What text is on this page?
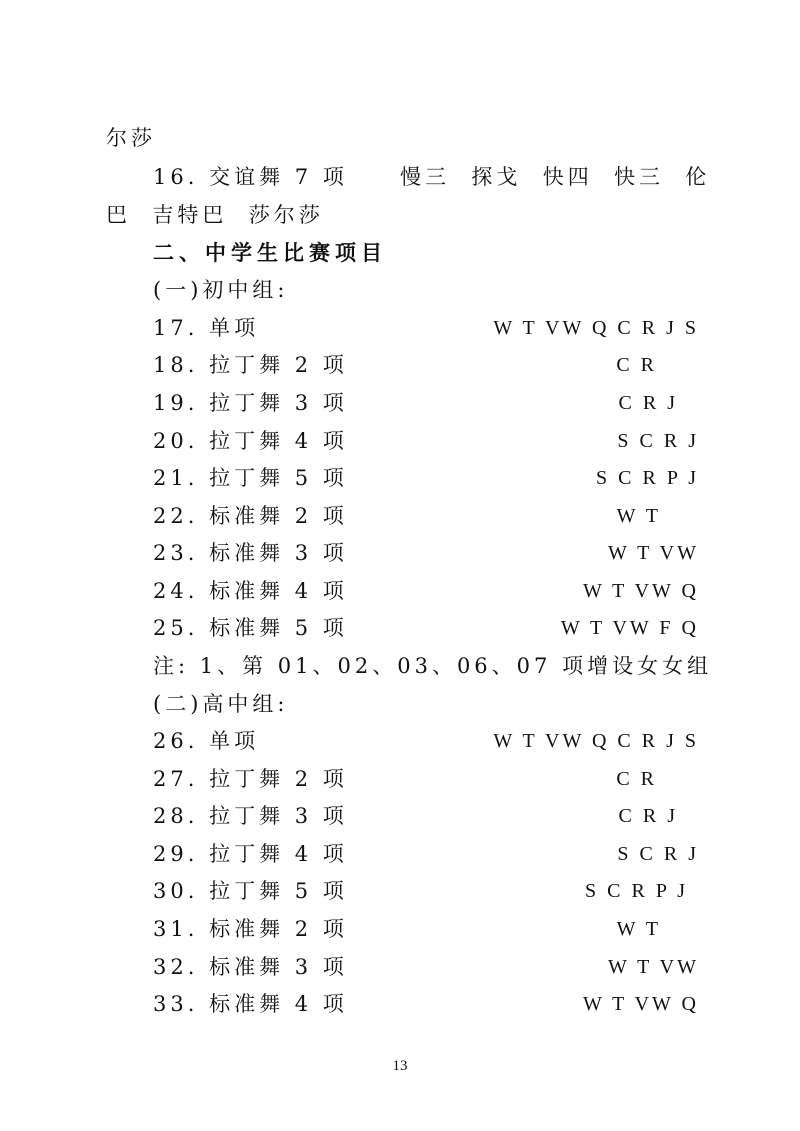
尔莎
16. 交谊舞 7 项 慢三  探戈  快四  快三  伦
巴  吉特巴  莎尔莎
二、中学生比赛项目
(一)初中组:
17. 单项	W T VW Q C R J S
18. 拉丁舞 2 项	C R
19. 拉丁舞 3 项	C R J
20. 拉丁舞 4 项	S C R J
21. 拉丁舞 5 项	S C R P J
22. 标准舞 2 项	W T
23. 标准舞 3 项	W T VW
24. 标准舞 4 项	W T VW Q
25. 标准舞 5 项	W T VW F Q
注: 1、第 01、02、03、06、07 项增设女女组
(二)高中组:
26. 单项	W T VW Q C R J S
27. 拉丁舞 2 项	C R
28. 拉丁舞 3 项	C R J
29. 拉丁舞 4 项	S C R J
30. 拉丁舞 5 项	S C R P J
31. 标准舞 2 项	W T
32. 标准舞 3 项	W T VW
33. 标准舞 4 项	W T VW Q
13
